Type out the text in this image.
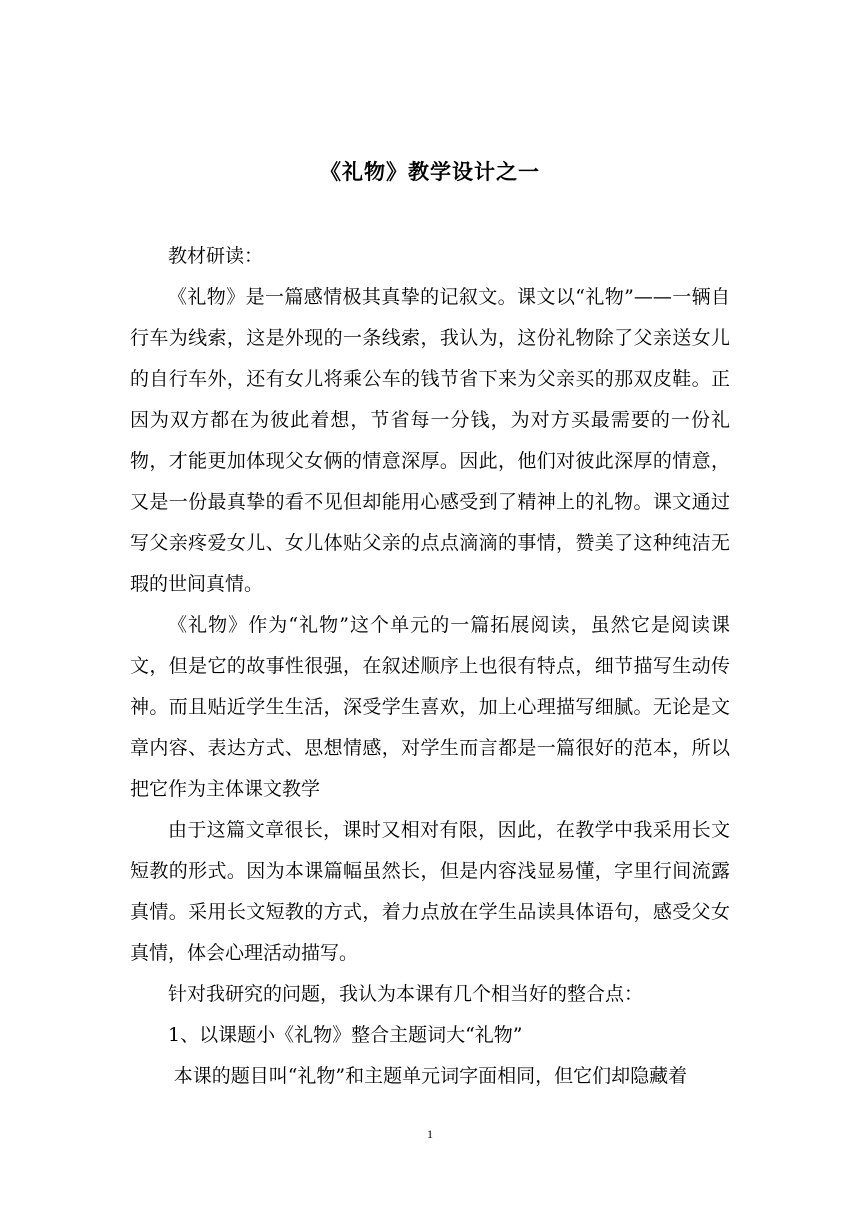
《礼物》教学设计之一

教材研读：

《礼物》是一篇感情极其真挚的记叙文。课文以“礼物”——一辆自行车为线索，这是外现的一条线索，我认为，这份礼物除了父亲送女儿的自行车外，还有女儿将乘公车的钱节省下来为父亲买的那双皮鞋。正因为双方都在为彼此着想，节省每一分钱，为对方买最需要的一份礼物，才能更加体现父女俩的情意深厚。因此，他们对彼此深厚的情意，又是一份最真挚的看不见但却能用心感受到了精神上的礼物。课文通过写父亲疼爱女儿、女儿体贴父亲的点点滴滴的事情，赞美了这种纯洁无瑕的世间真情。

《礼物》作为“礼物”这个单元的一篇拓展阅读，虽然它是阅读课文，但是它的故事性很强，在叙述顺序上也很有特点，细节描写生动传神。而且贴近学生生活，深受学生喜欢，加上心理描写细腻。无论是文章内容、表达方式、思想情感，对学生而言都是一篇很好的范本，所以把它作为主体课文教学

由于这篇文章很长，课时又相对有限，因此，在教学中我采用长文短教的形式。因为本课篇幅虽然长，但是内容浅显易懂，字里行间流露真情。采用长文短教的方式，着力点放在学生品读具体语句，感受父女真情，体会心理活动描写。

针对我研究的问题，我认为本课有几个相当好的整合点：

1、以课题小《礼物》整合主题词大“礼物”

本课的题目叫“礼物”和主题单元词字面相同，但它们却隐藏着

1
